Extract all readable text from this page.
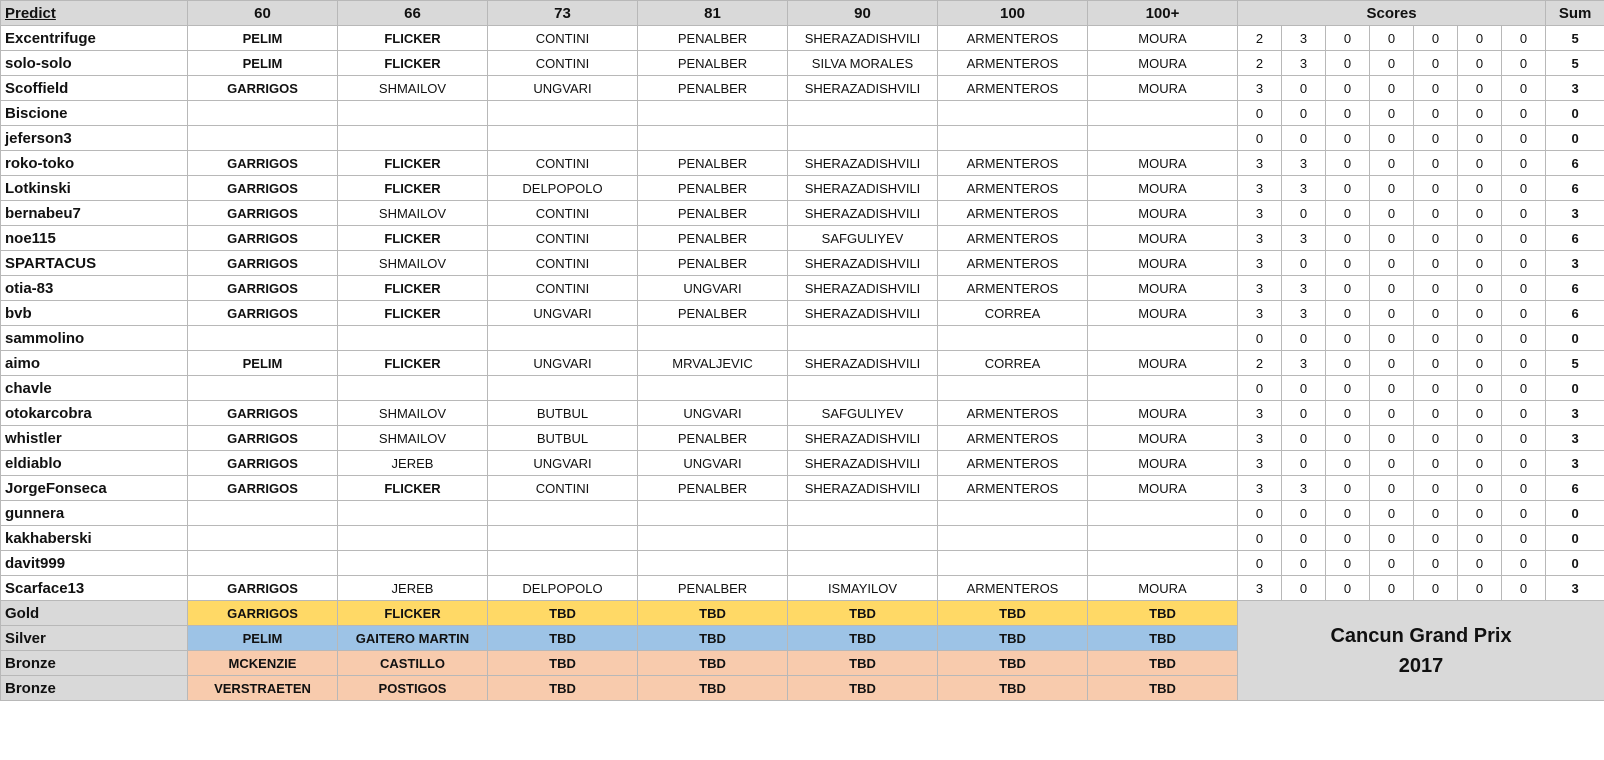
Predict	60	66	73	81	90	100	100+	Scores							Sum
Excentrifuge	PELIM	FLICKER	CONTINI	PENALBER	SHERAZADISHVILI	ARMENTEROS	MOURA	2	3	0	0	0	0	0	5
solo-solo	PELIM	FLICKER	CONTINI	PENALBER	SILVA MORALES	ARMENTEROS	MOURA	2	3	0	0	0	0	0	5
Scoffield	GARRIGOS	SHMAILOV	UNGVARI	PENALBER	SHERAZADISHVILI	ARMENTEROS	MOURA	3	0	0	0	0	0	0	3
Biscione								0	0	0	0	0	0	0	0
jeferson3								0	0	0	0	0	0	0	0
roko-toko	GARRIGOS	FLICKER	CONTINI	PENALBER	SHERAZADISHVILI	ARMENTEROS	MOURA	3	3	0	0	0	0	0	6
Lotkinski	GARRIGOS	FLICKER	DELPOPOLO	PENALBER	SHERAZADISHVILI	ARMENTEROS	MOURA	3	3	0	0	0	0	0	6
bernabeu7	GARRIGOS	SHMAILOV	CONTINI	PENALBER	SHERAZADISHVILI	ARMENTEROS	MOURA	3	0	0	0	0	0	0	3
noe115	GARRIGOS	FLICKER	CONTINI	PENALBER	SAFGULIYEV	ARMENTEROS	MOURA	3	3	0	0	0	0	0	6
SPARTACUS	GARRIGOS	SHMAILOV	CONTINI	PENALBER	SHERAZADISHVILI	ARMENTEROS	MOURA	3	0	0	0	0	0	0	3
otia-83	GARRIGOS	FLICKER	CONTINI	UNGVARI	SHERAZADISHVILI	ARMENTEROS	MOURA	3	3	0	0	0	0	0	6
bvb	GARRIGOS	FLICKER	UNGVARI	PENALBER	SHERAZADISHVILI	CORREA	MOURA	3	3	0	0	0	0	0	6
sammolino								0	0	0	0	0	0	0	0
aimo	PELIM	FLICKER	UNGVARI	MRVALJEVIC	SHERAZADISHVILI	CORREA	MOURA	2	3	0	0	0	0	0	5
chavle								0	0	0	0	0	0	0	0
otokarcobra	GARRIGOS	SHMAILOV	BUTBUL	UNGVARI	SAFGULIYEV	ARMENTEROS	MOURA	3	0	0	0	0	0	0	3
whistler	GARRIGOS	SHMAILOV	BUTBUL	PENALBER	SHERAZADISHVILI	ARMENTEROS	MOURA	3	0	0	0	0	0	0	3
eldiablo	GARRIGOS	JEREB	UNGVARI	UNGVARI	SHERAZADISHVILI	ARMENTEROS	MOURA	3	0	0	0	0	0	0	3
JorgeFonseca	GARRIGOS	FLICKER	CONTINI	PENALBER	SHERAZADISHVILI	ARMENTEROS	MOURA	3	3	0	0	0	0	0	6
gunnera								0	0	0	0	0	0	0	0
kakhaberski								0	0	0	0	0	0	0	0
davit999								0	0	0	0	0	0	0	0
Scarface13	GARRIGOS	JEREB	DELPOPOLO	PENALBER	ISMAYILOV	ARMENTEROS	MOURA	3	0	0	0	0	0	0	3
Gold	GARRIGOS	FLICKER	TBD	TBD	TBD	TBD	TBD	Cancun Grand Prix
2017							

Silver	PELIM	GAITERO MARTIN	TBD	TBD	TBD	TBD	TBD								
Bronze	MCKENZIE	CASTILLO	TBD	TBD	TBD	TBD	TBD								
Bronze	VERSTRAETEN	POSTIGOS	TBD	TBD	TBD	TBD	TBD								
